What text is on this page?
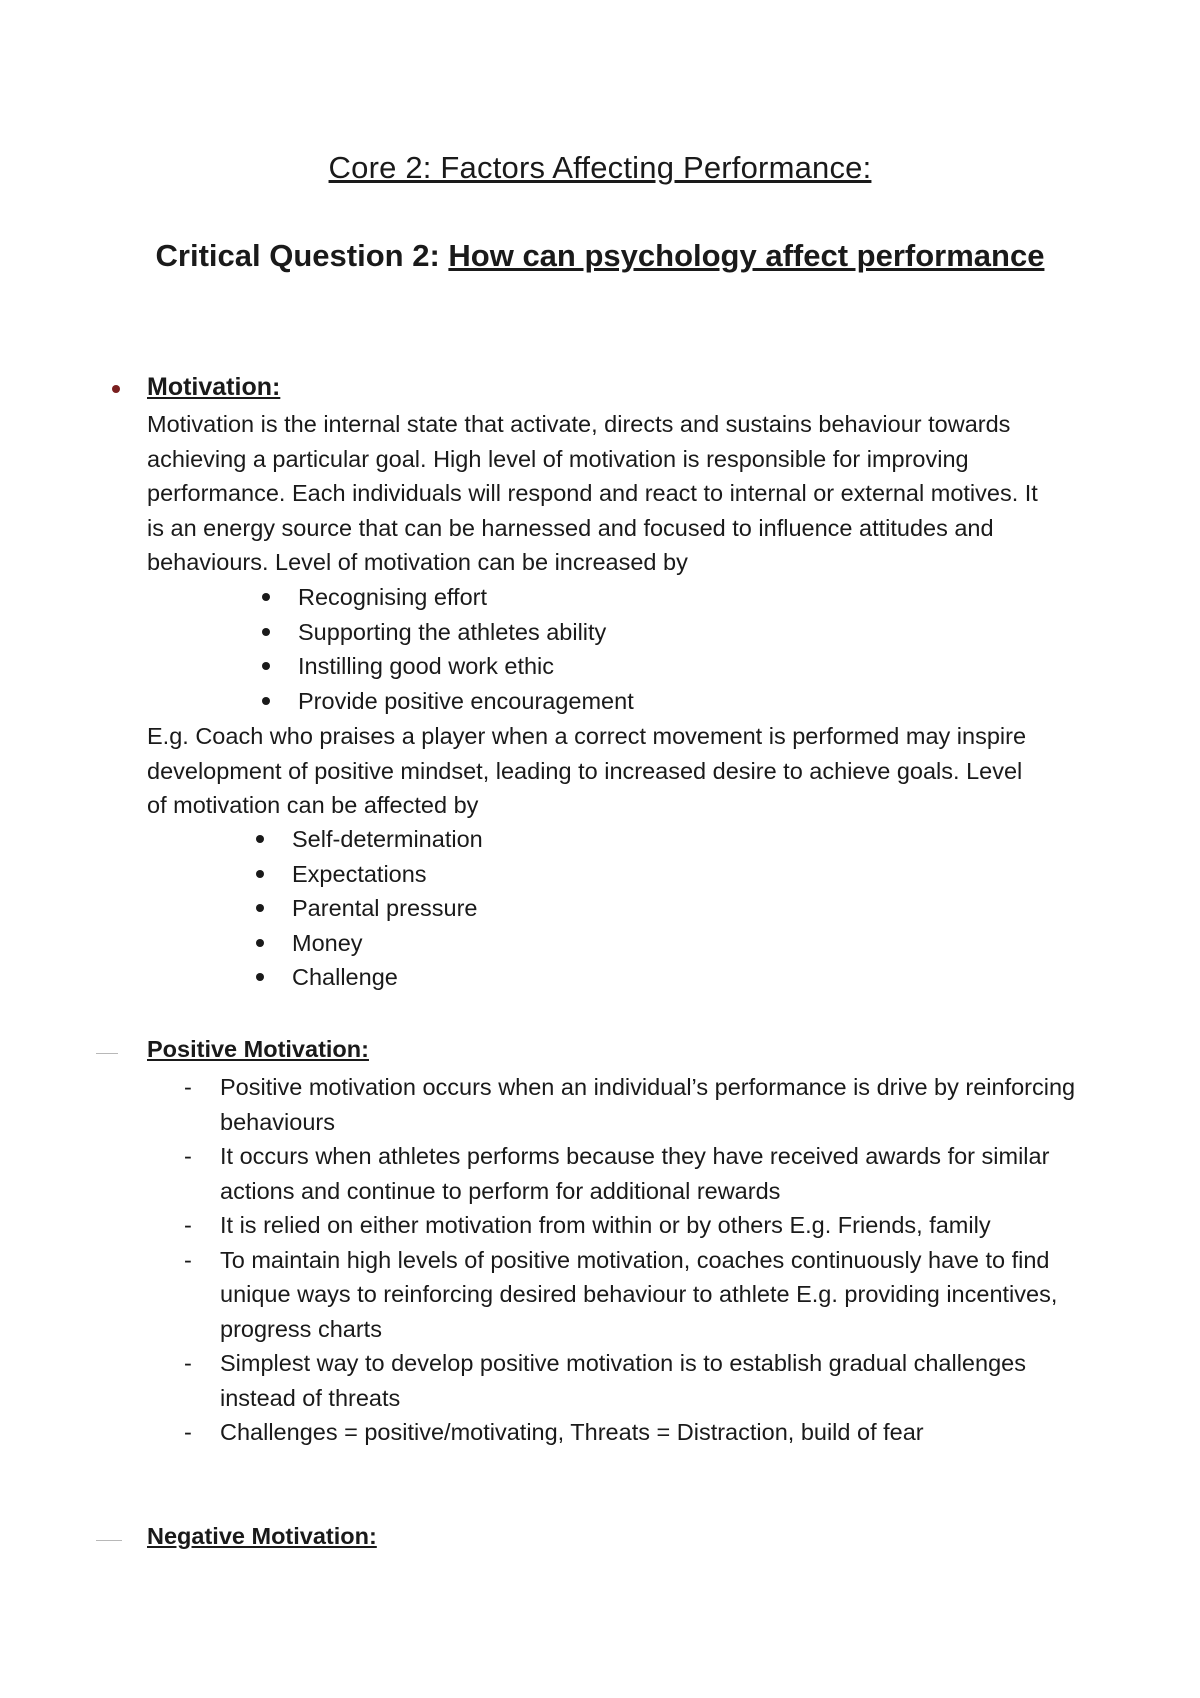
Core 2: Factors Affecting Performance:
Critical Question 2: How can psychology affect performance
Motivation:
Motivation is the internal state that activate, directs and sustains behaviour towards achieving a particular goal. High level of motivation is responsible for improving performance. Each individuals will respond and react to internal or external motives. It is an energy source that can be harnessed and focused to influence attitudes and behaviours. Level of motivation can be increased by
Recognising effort
Supporting the athletes ability
Instilling good work ethic
Provide positive encouragement
E.g. Coach who praises a player when a correct movement is performed may inspire development of positive mindset, leading to increased desire to achieve goals. Level of motivation can be affected by
Self-determination
Expectations
Parental pressure
Money
Challenge
Positive Motivation:
- Positive motivation occurs when an individual’s performance is drive by reinforcing behaviours
- It occurs when athletes performs because they have received awards for similar actions and continue to perform for additional rewards
- It is relied on either motivation from within or by others E.g. Friends, family
- To maintain high levels of positive motivation, coaches continuously have to find unique ways to reinforcing desired behaviour to athlete E.g. providing incentives, progress charts
- Simplest way to develop positive motivation is to establish gradual challenges instead of threats
- Challenges = positive/motivating, Threats = Distraction, build of fear
Negative Motivation:
